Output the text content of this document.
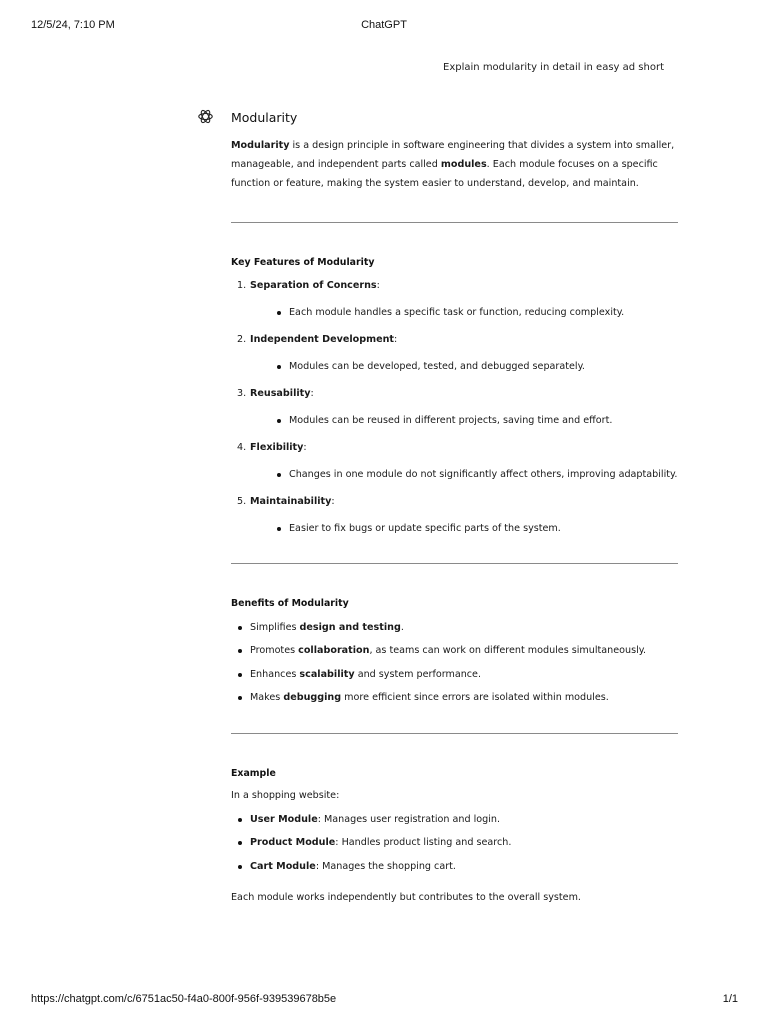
12/5/24, 7:10 PM	ChatGPT
Explain modularity in detail in easy ad short
Modularity

Modularity is a design principle in software engineering that divides a system into smaller, manageable, and independent parts called modules. Each module focuses on a specific function or feature, making the system easier to understand, develop, and maintain.

Key Features of Modularity
1. Separation of Concerns:
Each module handles a specific task or function, reducing complexity.
2. Independent Development:
Modules can be developed, tested, and debugged separately.
3. Reusability:
Modules can be reused in different projects, saving time and effort.
4. Flexibility:
Changes in one module do not significantly affect others, improving adaptability.
5. Maintainability:
Easier to fix bugs or update specific parts of the system.
Benefits of Modularity
Simplifies design and testing.
Promotes collaboration, as teams can work on different modules simultaneously.
Enhances scalability and system performance.
Makes debugging more efficient since errors are isolated within modules.
Example

In a shopping website:

User Module: Manages user registration and login.
Product Module: Handles product listing and search.
Cart Module: Manages the shopping cart.

Each module works independently but contributes to the overall system.

https://chatgpt.com/c/6751ac50-f4a0-800f-956f-939539678b5e	1/1
